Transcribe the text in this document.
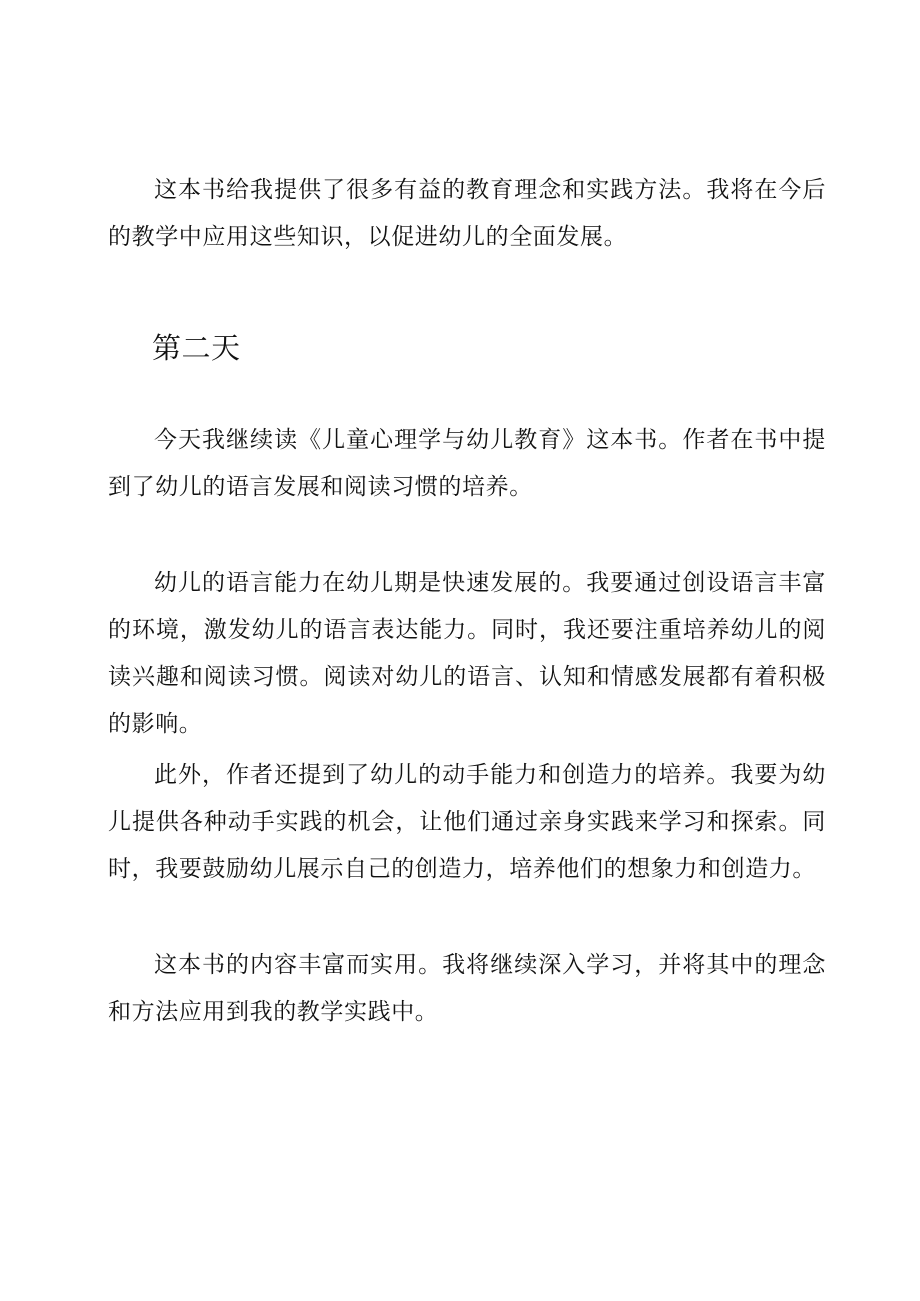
这本书给我提供了很多有益的教育理念和实践方法。我将在今后的教学中应用这些知识，以促进幼儿的全面发展。

第二天

今天我继续读《儿童心理学与幼儿教育》这本书。作者在书中提到了幼儿的语言发展和阅读习惯的培养。

幼儿的语言能力在幼儿期是快速发展的。我要通过创设语言丰富的环境，激发幼儿的语言表达能力。同时，我还要注重培养幼儿的阅读兴趣和阅读习惯。阅读对幼儿的语言、认知和情感发展都有着积极的影响。

此外，作者还提到了幼儿的动手能力和创造力的培养。我要为幼儿提供各种动手实践的机会，让他们通过亲身实践来学习和探索。同时，我要鼓励幼儿展示自己的创造力，培养他们的想象力和创造力。

这本书的内容丰富而实用。我将继续深入学习，并将其中的理念和方法应用到我的教学实践中。
